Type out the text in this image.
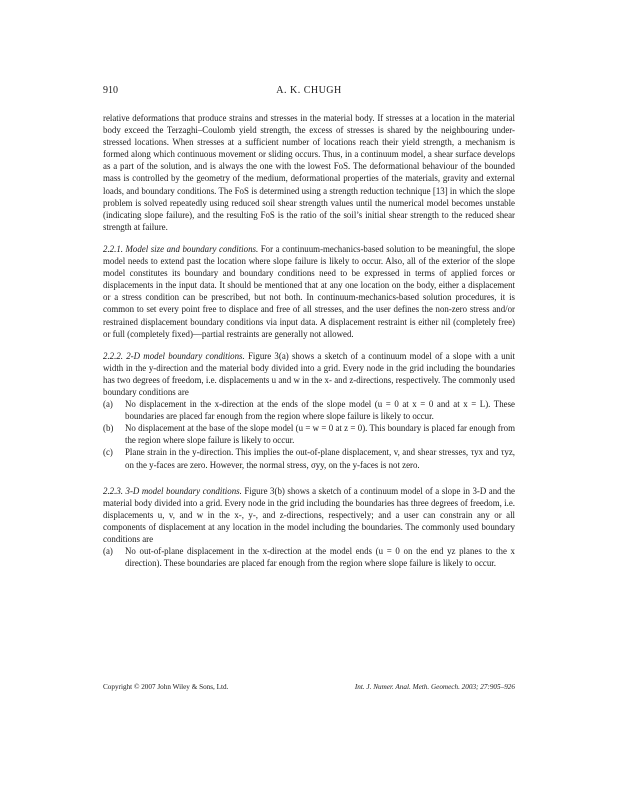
910	A. K. CHUGH

relative deformations that produce strains and stresses in the material body. If stresses at a location in the material body exceed the Terzaghi–Coulomb yield strength, the excess of stresses is shared by the neighbouring under-stressed locations. When stresses at a sufficient number of locations reach their yield strength, a mechanism is formed along which continuous movement or sliding occurs. Thus, in a continuum model, a shear surface develops as a part of the solution, and is always the one with the lowest FoS. The deformational behaviour of the bounded mass is controlled by the geometry of the medium, deformational properties of the materials, gravity and external loads, and boundary conditions. The FoS is determined using a strength reduction technique [13] in which the slope problem is solved repeatedly using reduced soil shear strength values until the numerical model becomes unstable (indicating slope failure), and the resulting FoS is the ratio of the soil’s initial shear strength to the reduced shear strength at failure.

2.2.1. Model size and boundary conditions. For a continuum-mechanics-based solution to be meaningful, the slope model needs to extend past the location where slope failure is likely to occur. Also, all of the exterior of the slope model constitutes its boundary and boundary conditions need to be expressed in terms of applied forces or displacements in the input data. It should be mentioned that at any one location on the body, either a displacement or a stress condition can be prescribed, but not both. In continuum-mechanics-based solution procedures, it is common to set every point free to displace and free of all stresses, and the user defines the non-zero stress and/or restrained displacement boundary conditions via input data. A displacement restraint is either nil (completely free) or full (completely fixed)—partial restraints are generally not allowed.

2.2.2. 2-D model boundary conditions. Figure 3(a) shows a sketch of a continuum model of a slope with a unit width in the y-direction and the material body divided into a grid. Every node in the grid including the boundaries has two degrees of freedom, i.e. displacements u and w in the x- and z-directions, respectively. The commonly used boundary conditions are

(a) No displacement in the x-direction at the ends of the slope model (u = 0 at x = 0 and at x = L). These boundaries are placed far enough from the region where slope failure is likely to occur.
(b) No displacement at the base of the slope model (u = w = 0 at z = 0). This boundary is placed far enough from the region where slope failure is likely to occur.
(c) Plane strain in the y-direction. This implies the out-of-plane displacement, v, and shear stresses, τyx and τyz, on the y-faces are zero. However, the normal stress, σyy, on the y-faces is not zero.

2.2.3. 3-D model boundary conditions. Figure 3(b) shows a sketch of a continuum model of a slope in 3-D and the material body divided into a grid. Every node in the grid including the boundaries has three degrees of freedom, i.e. displacements u, v, and w in the x-, y-, and z-directions, respectively; and a user can constrain any or all components of displacement at any location in the model including the boundaries. The commonly used boundary conditions are

(a) No out-of-plane displacement in the x-direction at the model ends (u = 0 on the end yz planes to the x direction). These boundaries are placed far enough from the region where slope failure is likely to occur.
Copyright © 2007 John Wiley & Sons, Ltd.	Int. J. Numer. Anal. Meth. Geomech. 2003; 27:905–926
